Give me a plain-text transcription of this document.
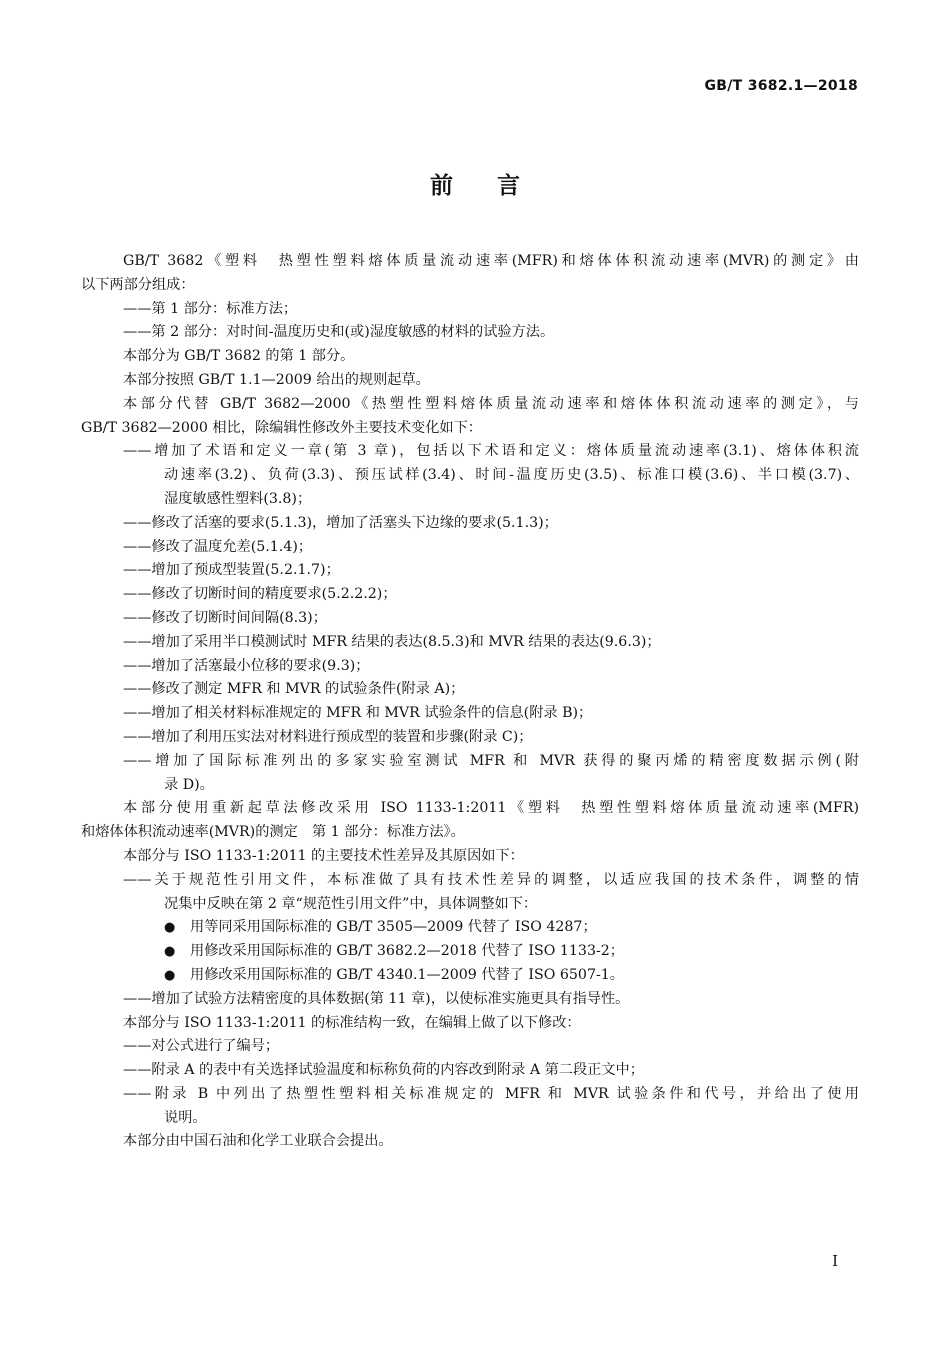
GB/T 3682.1—2018
前言
GB/T 3682《塑料　热塑性塑料熔体质量流动速率(MFR)和熔体体积流动速率(MVR)的测定》由
以下两部分组成：
——第 1 部分：标准方法；
——第 2 部分：对时间-温度历史和(或)湿度敏感的材料的试验方法。
本部分为 GB/T 3682 的第 1 部分。
本部分按照 GB/T 1.1—2009 给出的规则起草。
本部分代替 GB/T 3682—2000《热塑性塑料熔体质量流动速率和熔体体积流动速率的测定》，与
GB/T 3682—2000 相比，除编辑性修改外主要技术变化如下：
——增加了术语和定义一章(第 3 章)，包括以下术语和定义：熔体质量流动速率(3.1)、熔体体积流
动速率(3.2)、负荷(3.3)、预压试样(3.4)、时间-温度历史(3.5)、标准口模(3.6)、半口模(3.7)、
湿度敏感性塑料(3.8)；
——修改了活塞的要求(5.1.3)，增加了活塞头下边缘的要求(5.1.3)；
——修改了温度允差(5.1.4)；
——增加了预成型装置(5.2.1.7)；
——修改了切断时间的精度要求(5.2.2.2)；
——修改了切断时间间隔(8.3)；
——增加了采用半口模测试时 MFR 结果的表达(8.5.3)和 MVR 结果的表达(9.6.3)；
——增加了活塞最小位移的要求(9.3)；
——修改了测定 MFR 和 MVR 的试验条件(附录 A)；
——增加了相关材料标准规定的 MFR 和 MVR 试验条件的信息(附录 B)；
——增加了利用压实法对材料进行预成型的装置和步骤(附录 C)；
——增加了国际标准列出的多家实验室测试 MFR 和 MVR 获得的聚丙烯的精密度数据示例(附
录 D)。
本部分使用重新起草法修改采用 ISO 1133-1:2011《塑料　热塑性塑料熔体质量流动速率(MFR)
和熔体体积流动速率(MVR)的测定　第 1 部分：标准方法》。
本部分与 ISO 1133-1:2011 的主要技术性差异及其原因如下：
——关于规范性引用文件，本标准做了具有技术性差异的调整，以适应我国的技术条件，调整的情
况集中反映在第 2 章“规范性引用文件”中，具体调整如下：
● 用等同采用国际标准的 GB/T 3505—2009 代替了 ISO 4287；
● 用修改采用国际标准的 GB/T 3682.2—2018 代替了 ISO 1133-2；
● 用修改采用国际标准的 GB/T 4340.1—2009 代替了 ISO 6507-1。
——增加了试验方法精密度的具体数据(第 11 章)，以使标准实施更具有指导性。
本部分与 ISO 1133-1:2011 的标准结构一致，在编辑上做了以下修改：
——对公式进行了编号；
——附录 A 的表中有关选择试验温度和标称负荷的内容改到附录 A 第二段正文中；
——附录 B 中列出了热塑性塑料相关标准规定的 MFR 和 MVR 试验条件和代号，并给出了使用
说明。
本部分由中国石油和化学工业联合会提出。
I
